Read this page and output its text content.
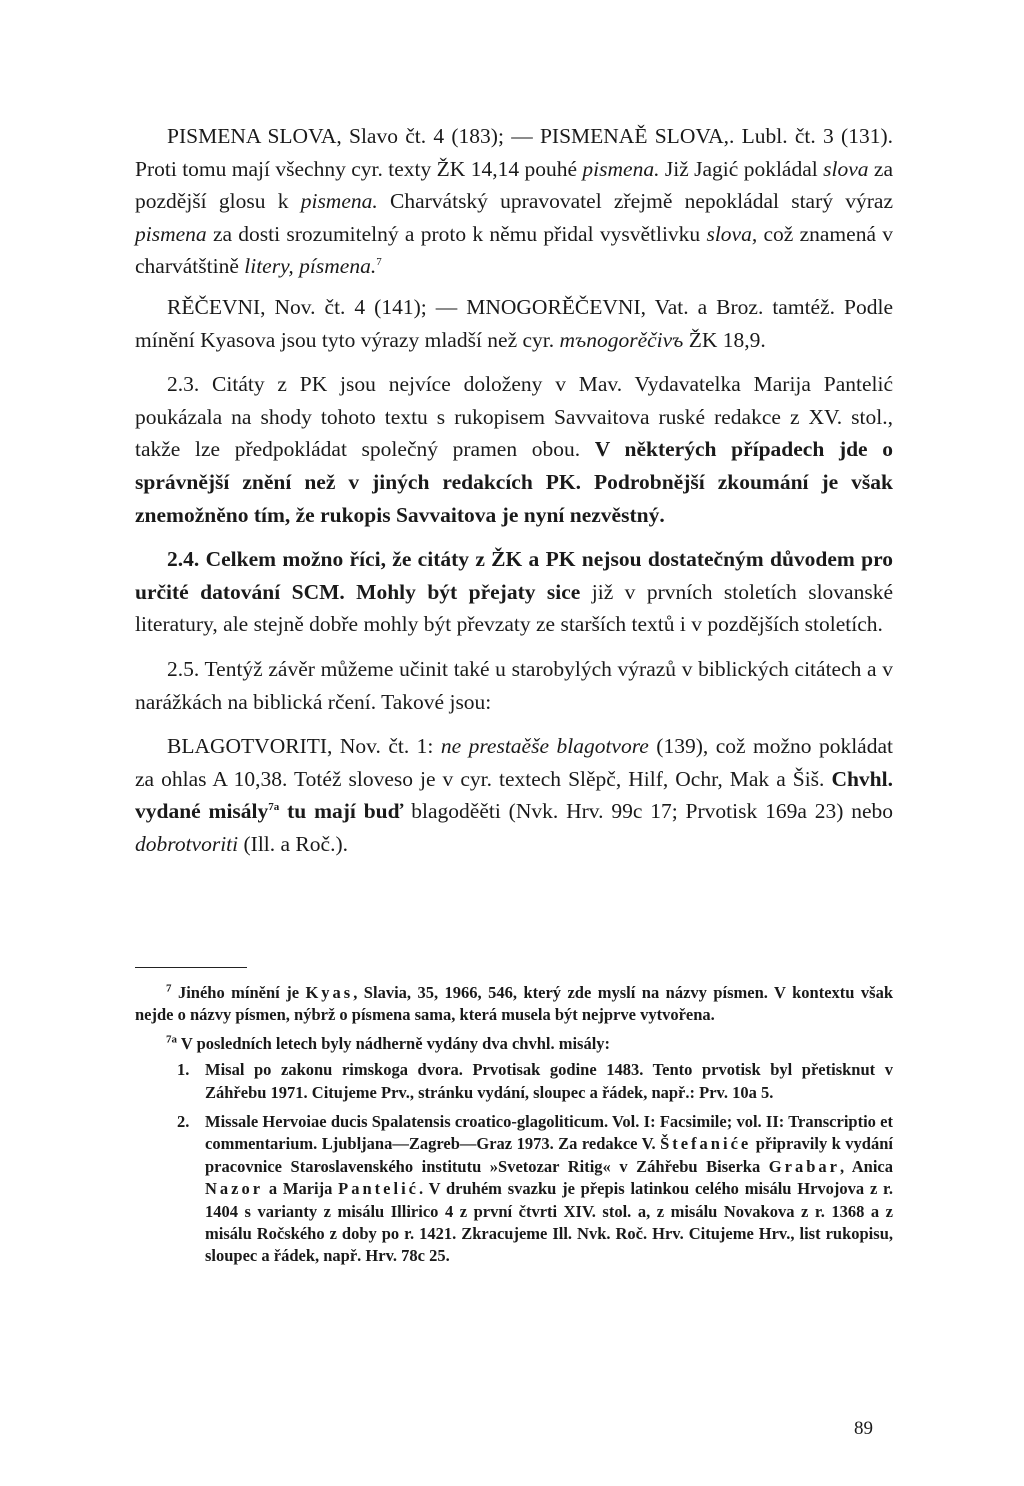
PISMENA SLOVA, Slavo čt. 4 (183); — PISMENAĚ SLOVA,. Lubl. čt. 3 (131). Proti tomu mají všechny cyr. texty ŽK 14,14 pouhé pismena. Již Jagić pokládal slova za pozdější glosu k pismena. Charvátský upravovatel zřejmě nepokládal starý výraz pismena za dosti srozumitelný a proto k němu přidal vysvětlivku slova, což znamená v charvátštině litery, písmena.$^7$

RĚČEVNI, Nov. čt. 4 (141); — MNOGORĚČEVNI, Vat. a Broz. tamtéž. Podle mínění Kyasova jsou tyto výrazy mladší než cyr. mъnogorěčivъ ŽK 18,9.

2.3. Citáty z PK jsou nejvíce doloženy v Mav. Vydavatelka Marija Pantelić poukázala na shody tohoto textu s rukopisem Savvaitova ruské redakce z XV. stol., takže lze předpokládat společný pramen obou. V některých případech jde o správnější znění než v jiných redakcích PK. Podrobnější zkoumání je však znemožněno tím, že rukopis Savvaitova je nyní nezvěstný.

2.4. Celkem možno říci, že citáty z ŽK a PK nejsou dostatečným důvodem pro určité datování SCM. Mohly být přejaty sice již v prvních stoletích slovanské literatury, ale stejně dobře mohly být převzaty ze starších textů i v pozdějších stoletích.

2.5. Tentýž závěr můžeme učinit také u starobylých výrazů v biblických citátech a v narážkách na biblická rčení. Takové jsou:

BLAGOTVORITI, Nov. čt. 1: ne prestaěše blagotvore (139), což možno pokládat za ohlas A 10,38. Totéž sloveso je v cyr. textech Slěpč, Hilf, Ochr, Mak a Šiš. Chvhl. vydané misály$^{7a}$ tu mají buď blagoděěti (Nvk. Hrv. 99c 17; Prvotisk 169a 23) nebo dobrotvoriti (Ill. a Roč.).

$^7$ Jiného mínění je Kyas, Slavia, 35, 1966, 546, který zde myslí na názvy písmen. V kontextu však nejde o názvy písmen, nýbrž o písmena sama, která musela být nejprve vytvořena.

$^{7a}$ V posledních letech byly nádherně vydány dva chvhl. misály:

1. Misal po zakonu rimskoga dvora. Prvotisak godine 1483. Tento prvotisk byl přetisknut v Záhřebu 1971. Citujeme Prv., stránku vydání, sloupec a řádek, např.: Prv. 10a 5.
2. Missale Hervoiae ducis Spalatensis croatico-glagoliticum. Vol. I: Facsimile; vol. II: Transcriptio et commentarium. Ljubljana—Zagreb—Graz 1973. Za redakce V. Štefaniće připravily k vydání pracovnice Staroslavenského institutu »Svetozar Ritig« v Záhřebu Biserka Grabar, Anica Nazor a Marija Pantelić. V druhém svazku je přepis latinkou celého misálu Hrvojova z r. 1404 s varianty z misálu Illirico 4 z první čtvrti XIV. stol. a, z misálu Novakova z r. 1368 a z misálu Ročského z doby po r. 1421. Zkracujeme Ill. Nvk. Roč. Hrv. Citujeme Hrv., list rukopisu, sloupec a řádek, např. Hrv. 78c 25.
89
